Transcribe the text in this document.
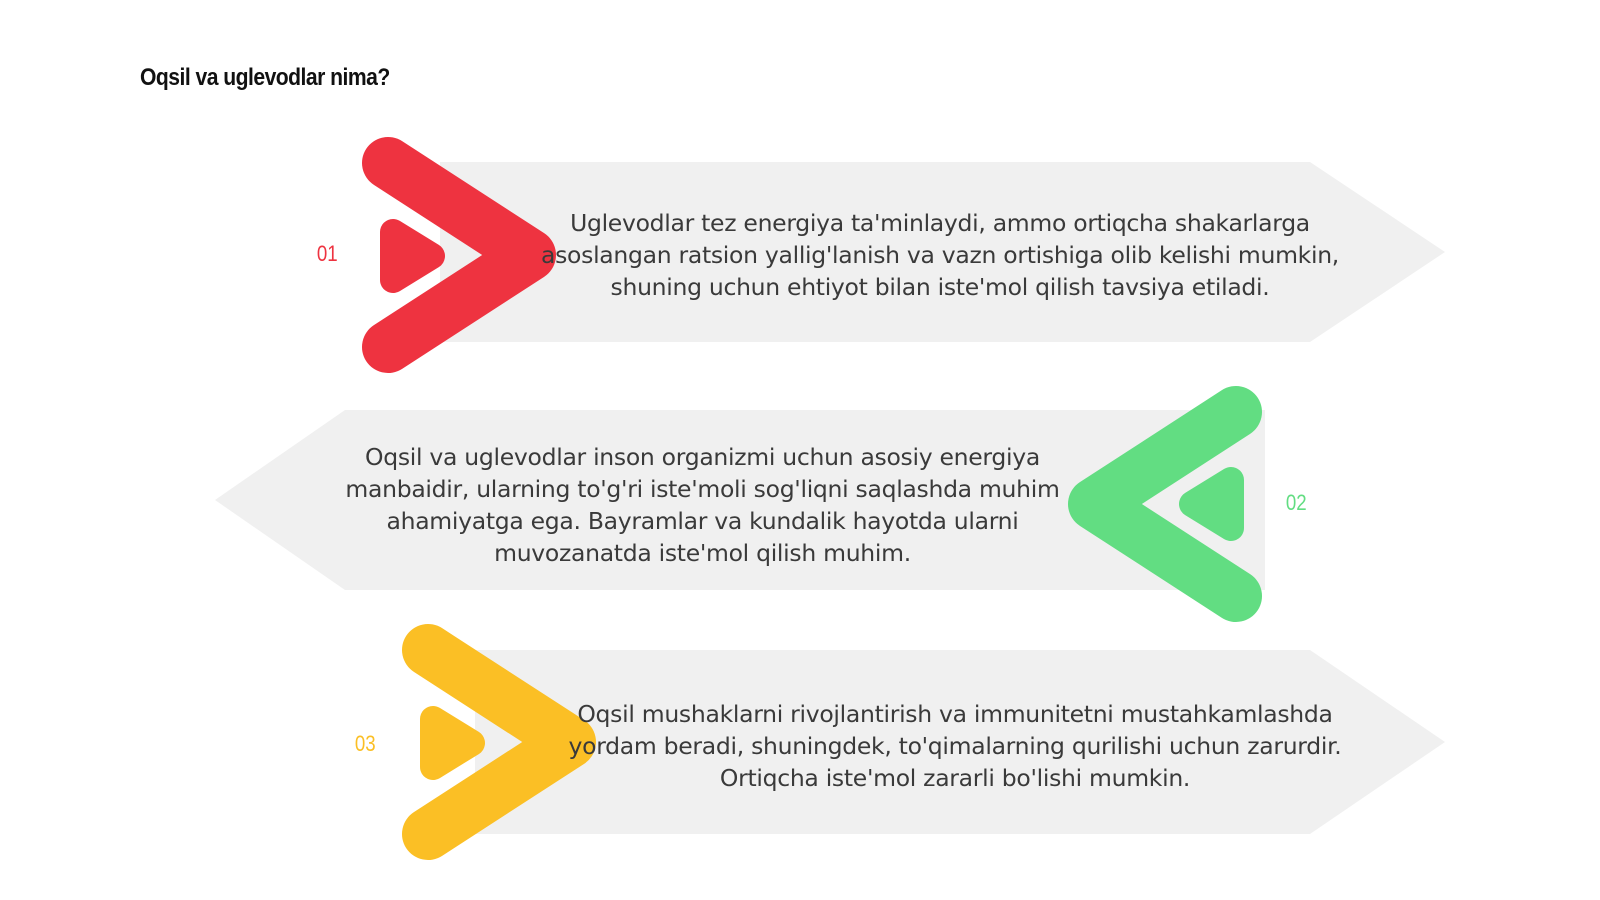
Oqsil va uglevodlar nima?
01
02
03
Uglevodlar tez energiya ta'minlaydi, ammo ortiqcha shakarlarga asoslangan ratsion yallig'lanish va vazn ortishiga olib kelishi mumkin, shuning uchun ehtiyot bilan iste'mol qilish tavsiya etiladi.
Oqsil va uglevodlar inson organizmi uchun asosiy energiya manbaidir, ularning to'g'ri iste'moli sog'liqni saqlashda muhim ahamiyatga ega. Bayramlar va kundalik hayotda ularni muvozanatda iste'mol qilish muhim.
Oqsil mushaklarni rivojlantirish va immunitetni mustahkamlashda yordam beradi, shuningdek, to'qimalarning qurilishi uchun zarurdir. Ortiqcha iste'mol zararli bo'lishi mumkin.
